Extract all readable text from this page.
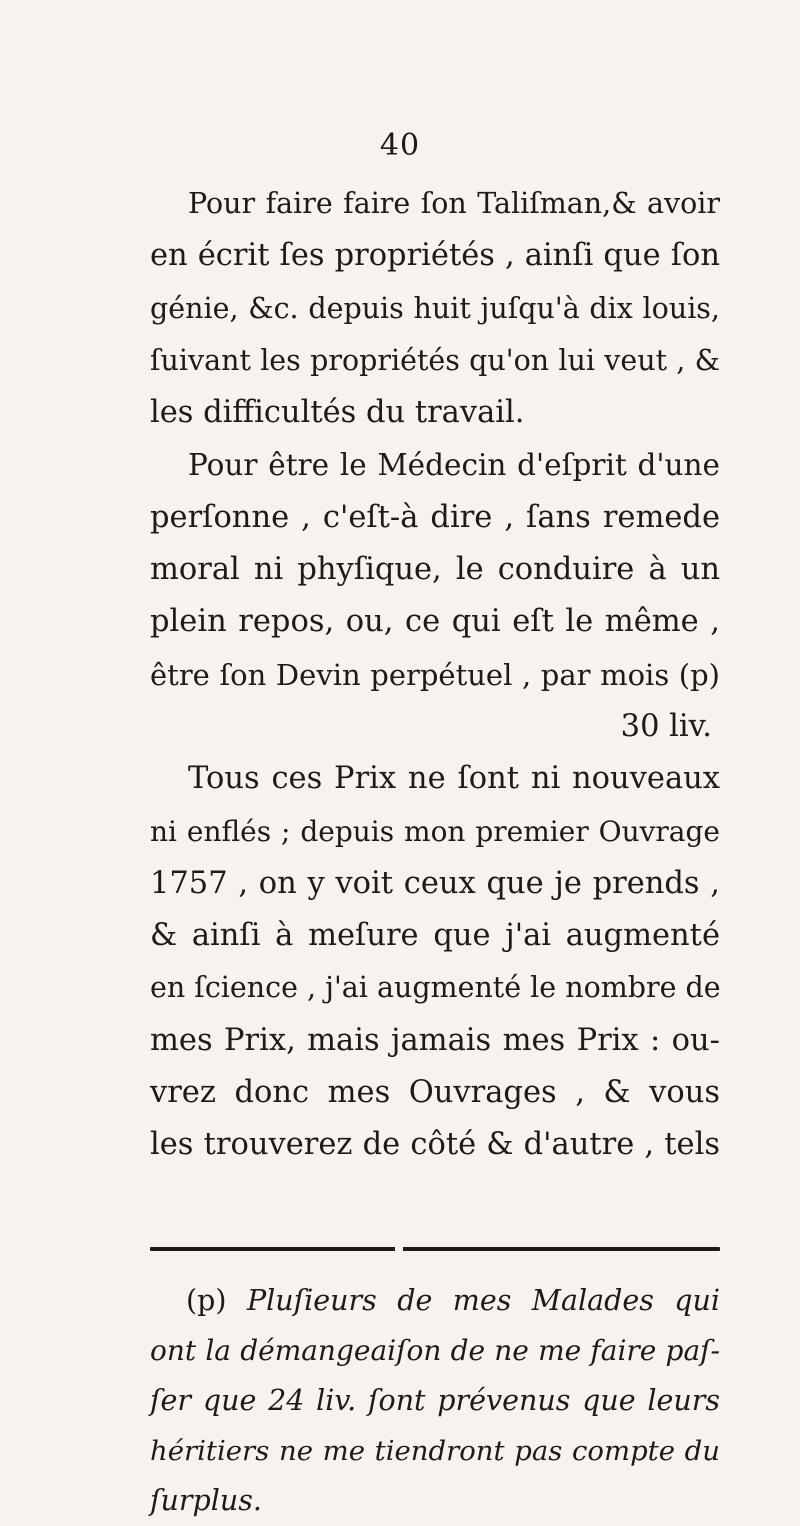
40
Pour faire faire ſon Taliſman,& avoir
en écrit ſes propriétés , ainſi que ſon
génie, &c. depuis huit juſqu'à dix louis,
ſuivant les propriétés qu'on lui veut , &
les difficultés du travail.
Pour être le Médecin d'eſprit d'une
perſonne , c'eſt-à dire , ſans remede
moral ni phyſique, le conduire à un
plein repos, ou, ce qui eſt le même ,
être ſon Devin perpétuel , par mois (p)
30 liv.
Tous ces Prix ne ſont ni nouveaux
ni enflés ; depuis mon premier Ouvrage
1757 , on y voit ceux que je prends ,
& ainſi à meſure que j'ai augmenté
en ſcience , j'ai augmenté le nombre de
mes Prix, mais jamais mes Prix : ou-
vrez donc mes Ouvrages , & vous
les trouverez de côté & d'autre , tels
(p) Pluſieurs de mes Malades qui
ont la démangeaiſon de ne me faire paſ-
ſer que 24 liv. ſont prévenus que leurs
héritiers ne me tiendront pas compte du
ſurplus.
